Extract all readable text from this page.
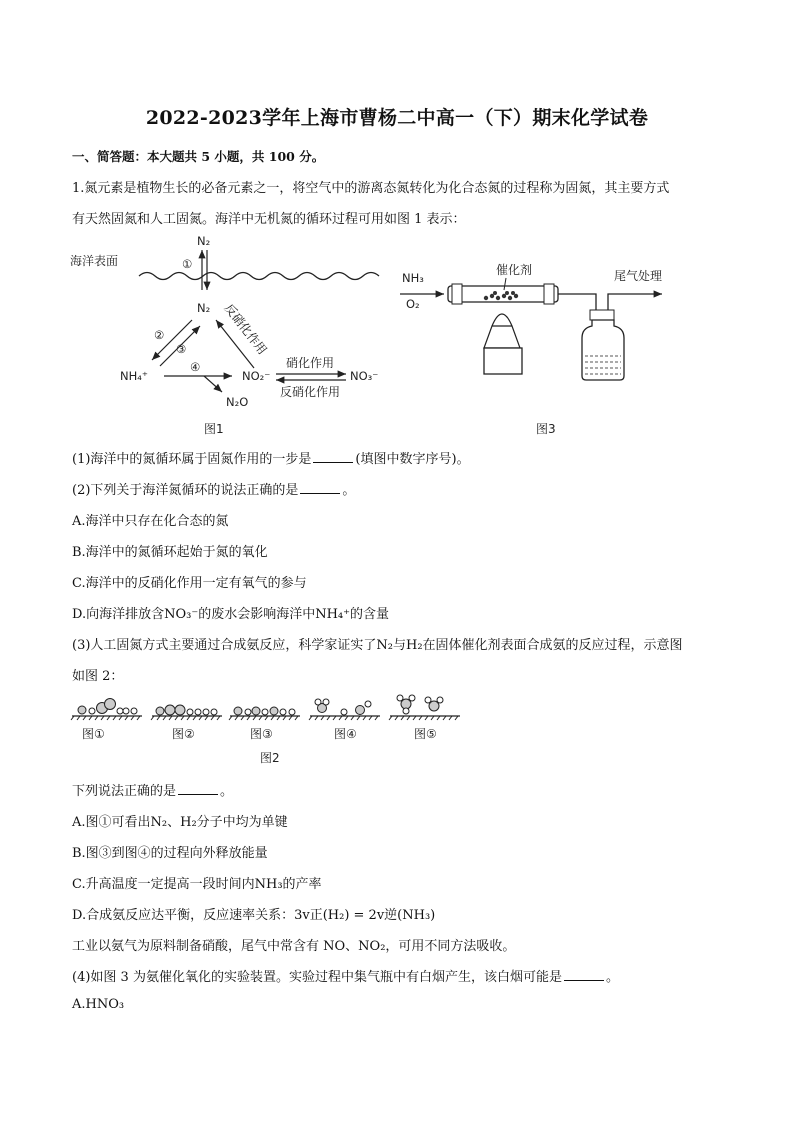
2022-2023学年上海市曹杨二中高一（下）期末化学试卷
一、简答题：本大题共 5 小题，共 100 分。
1.氮元素是植物生长的必备元素之一，将空气中的游离态氮转化为化合态氮的过程称为固氮，其主要方式
有天然固氮和人工固氮。海洋中无机氮的循环过程可用如图 1 表示：
海洋表面
N₂
①
N₂
②
③	反硝化作用
NH₄⁺
④
N₂O
NO₂⁻
硝化作用
反硝化作用
NO₃⁻
图1
NH₃
O₂
催化剂	尾气处理
图3
(1)海洋中的氮循环属于固氮作用的一步是	(填图中数字序号)。
(2)下列关于海洋氮循环的说法正确的是	。
A.海洋中只存在化合态的氮
B.海洋中的氮循环起始于氮的氧化
C.海洋中的反硝化作用一定有氧气的参与
D.向海洋排放含NO₃⁻的废水会影响海洋中NH₄⁺的含量
(3)人工固氮方式主要通过合成氨反应，科学家证实了N₂与H₂在固体催化剂表面合成氨的反应过程，示意图
如图 2：
图①	图②	图③	图④	图⑤
图2
下列说法正确的是	。
A.图①可看出N₂、H₂分子中均为单键
B.图③到图④的过程向外释放能量
C.升高温度一定提高一段时间内NH₃的产率
D.合成氨反应达平衡，反应速率关系：3v正(H₂) = 2v逆(NH₃)
工业以氨气为原料制备硝酸，尾气中常含有 NO、NO₂，可用不同方法吸收。
(4)如图 3 为氨催化氧化的实验装置。实验过程中集气瓶中有白烟产生，该白烟可能是	。
A.HNO₃
